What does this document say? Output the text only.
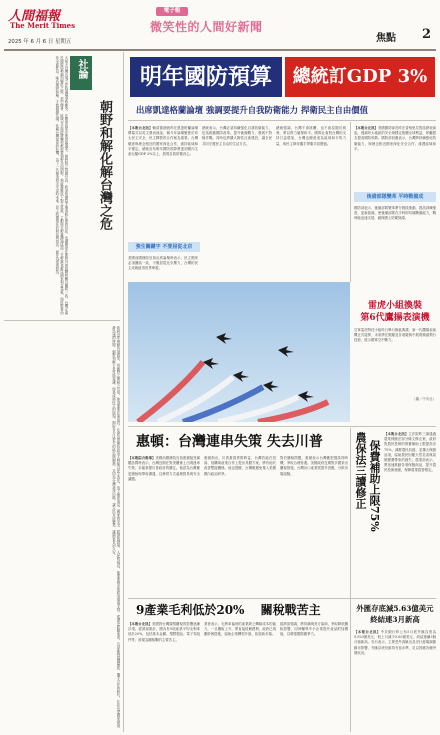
人間福報
The Merit Times
2025 年 6 月 6 日 星期五
電子報
微笑性的人間好新聞
焦點 2
大前天台灣出現立法院議場爭吵衝突、在國會改革法案的審議中，朝野對立持續升高。政治的撕裂不僅消耗社會的信任，也讓國家在面對外部挑戰時難以團結一致。台灣正處於國際局勢劇烈變化之際，美中競爭、區域安全與經濟轉型都需要朝野共同面對。執政黨應放下對立思維，主動與在野黨溝通協商；在野黨也應以國家利益為重，理性監督而非全面杯葛。唯有朝野和解，才能凝聚共識，化解台灣當前的危機，為下一代創造和平安定的未來。民主的價值在於對話與包容，而非仇恨與對抗。	社論
朝野和解化解台灣之危
政府近年推動各項改革，但朝野之間缺乏互信，使得重要法案延宕。社會各界期待政治人物能以民生為先，放下黨派成見。國家的安全、經濟的發展、人民的福祉，都需要穩定的政治環境支持。從歷史經驗來看，凡是能夠超越黨派、攜手合作的時代，往往也是國家發展最迅速的時期。朝野和解不是妥協退讓，而是成熟民主的展現。期盼各方以更大的格局與胸襟，共同為台灣尋找出路，讓人民安居樂業，讓國家長治久安。
明年國防預算	總統訂GDP 3%
出席凱達格蘭論壇 強調要提升自我防衛能力 捍衛民主自由價值
【本報台北訊】賴清德總統昨在凱達格蘭論壇開幕式以英文發表演說，稱今年論壇聚焦於印太民主安全，民主陣營的合作極為重要。台灣願意與理念相近的國家深化合作，維持區域和平穩定。總統宣布明年國防預算將達到國內生產毛額GDP 3%以上，展現自我防衛決心。
總統表示，台灣必須持續強化自我防衛能力，包括推動國防改革、提升後備戰力、發展不對稱作戰。同時也將擴大韌性社會建設，讓全民共同守護民主自由的生活方式。
總統強調，台灣不會挑釁，也不會屈服於威脅，將以實力確保和平。國際社會對台灣的支持日益增加，台灣也願意成為區域和平的力量，與民主夥伴攜手捍衛共同價值。
強生關鍵字 不要屈從北京
美國前國務院官員出席論壇時表示，民主國家必須團結一致，不應屈從北京壓力，台灣的民主成就值得世界珍視。
【本報台北訊】美國國防部長昨在香格里拉對話發表演說，強調印太地區的安全與穩定攸關全球利益，呼籲盟友提高國防預算。國防部回應表示，台灣將持續強化防衛能力，與理念相近國家深化安全合作，維護區域和平。
後備部隊變革 平時戰備成
國防部表示，後備部隊變革將分階段推動，提高訓練強度，更新裝備，使後備部隊在平時即具備戰備能力，戰時能迅速支援，確保國土防衛無虞。
雷虎小組換裝
第6代鷹揚表演機
空軍雷虎特技小組昨日舉行換裝典禮，新一代鷹揚表演機正式接棒，未來將在國慶及各項慶典中展現精湛飛行技術，展示國軍空中戰力。
（圖／中央社）
惠頓：台灣連串失策 失去川普
【本報綜合報導】美國前國務院官員惠頓接受媒體訪問時表示，台灣近期在對美關係上出現連串失策，未能掌握川普政府的關注。他認為台灣應更積極與華府溝通，以務實方式處理貿易與安全議題。
惠頓指出，川普重視實際利益，台灣若能在投資、採購與產業合作上提出具體方案，將有助於改善雙邊關係。他也提醒，台灣應避免捲入美國國內政治紛爭。
對於關稅問題，惠頓表示台灣應把握談判時機，爭取合理待遇。美國政府近期對多國祭出關稅措施，台灣出口產業需提早因應，分散市場風險。	農保法三讀修正 保費補助上限75%
【本報台北訊】立法院昨三讀通過農業保險法部分條文修正案，政府對農民投保的保費補助上限提高至75%，減輕農民負擔，並擴大保險品項，協助農民因應天然災害與氣候變遷帶來的損失。農業部表示，將加速推動各項保險商品，提升農民投保意願，保障農業經營穩定。
9產業毛利低於20% 關稅戰苦主
【本報台北訊】美國對台灣課徵關稅的影響逐漸浮現。經濟部統計，國內有9項產業平均毛利率低於20%，包括基本金屬、塑膠製品、電子零組件等，被視為關稅戰的主要苦主。
業者表示，毛利率偏低的產業缺乏轉嫁成本的能力，一旦關稅上升，將直接侵蝕獲利。政府已規劃紓困措施，協助企業轉型升級、拓展新市場。
經濟部強調，將持續與美方協商，爭取降低關稅影響，同時輔導中小企業提升產品附加價值，以增強國際競爭力。
外匯存底減5.63億美元
終結連3月新高
【本報台北訊】中央銀行昨公布5月底外匯存底為5,929億美元，較上月減少5.63億美元，終結連續3個月創新高。央行表示，主要受外資匯出及央行進場調節匯市影響，外匯存底仍維持充裕水準，足以因應各種突發狀況。
